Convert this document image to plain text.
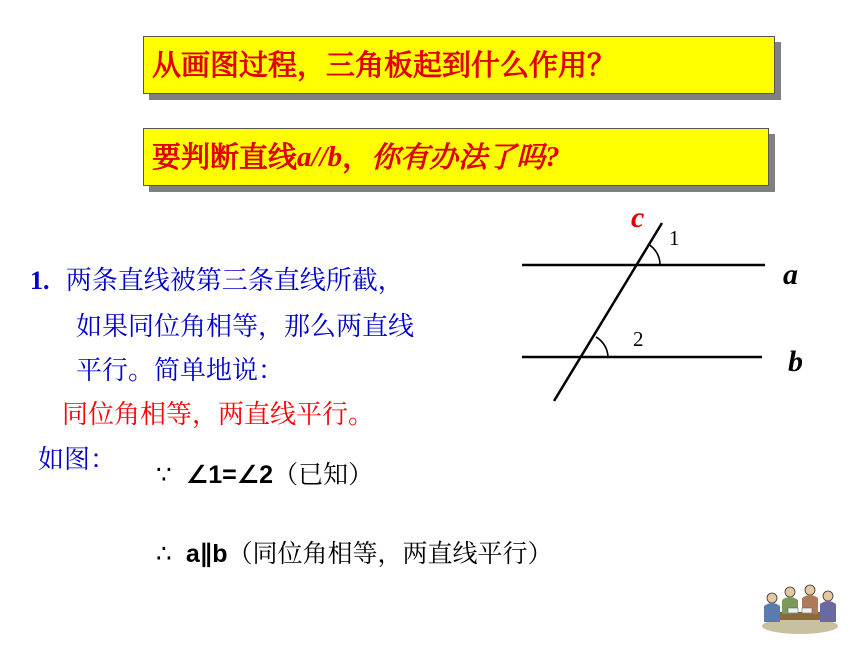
从画图过程，三角板起到什么作用？
要判断直线 a // b ， 你有办法了吗 ?
1. 两条直线被第三条直线所截，
如果同位角相等，那么两直线
平行。简单地说：
同位角相等，两直线平行。
如图： ∵ ∠1=∠2（已知）
∴ a∥b（同位角相等，两直线平行）
c
1
2
a
b
